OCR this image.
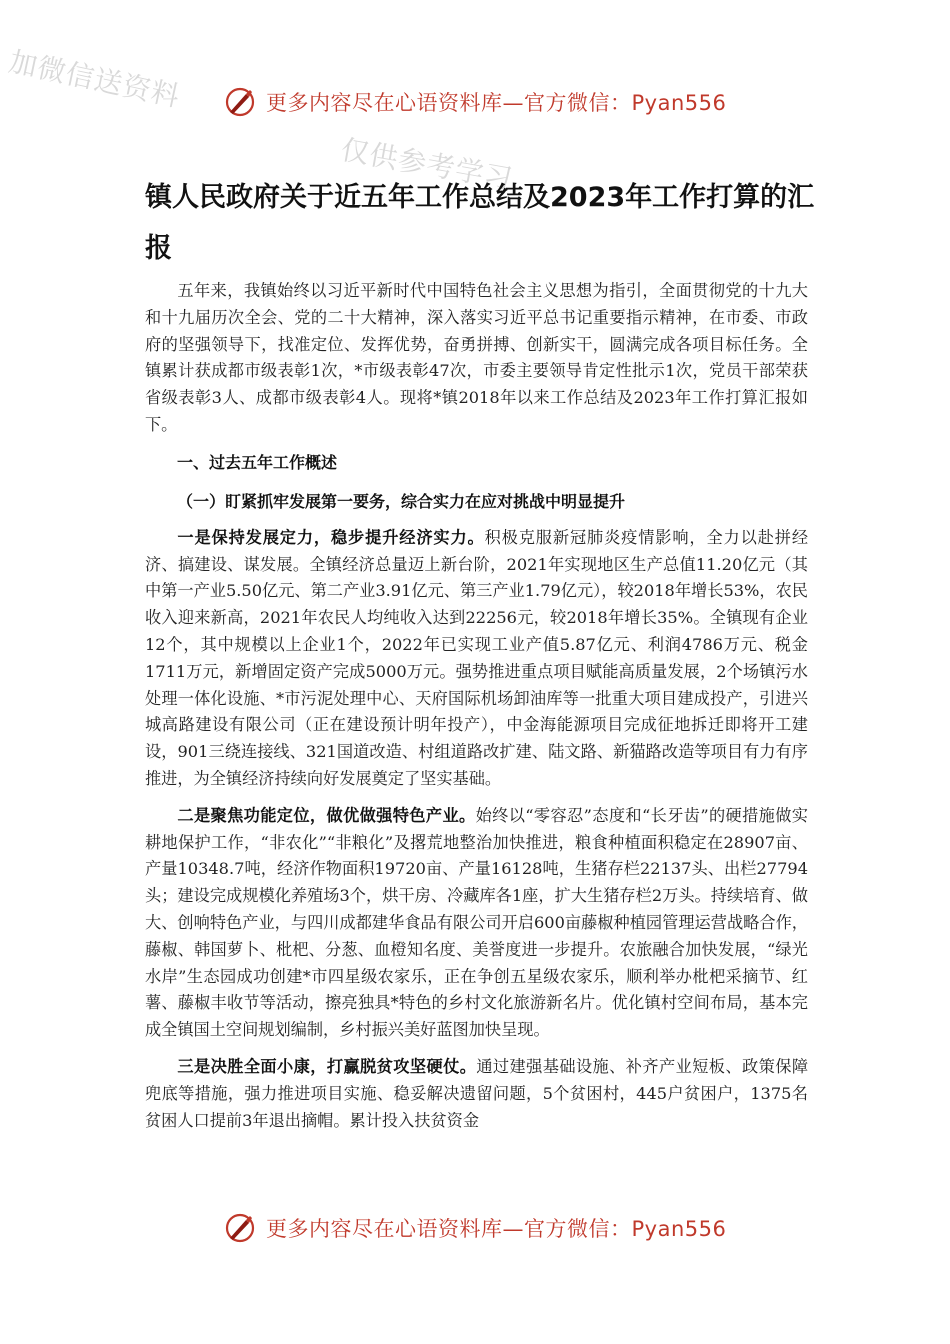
加微信送资料
仅供参考学习
更多内容尽在心语资料库—官方微信：Pyan556
镇人民政府关于近五年工作总结及2023年工作打算的汇报

五年来，我镇始终以习近平新时代中国特色社会主义思想为指引，全面贯彻党的十九大和十九届历次全会、党的二十大精神，深入落实习近平总书记重要指示精神，在市委、市政府的坚强领导下，找准定位、发挥优势，奋勇拼搏、创新实干，圆满完成各项目标任务。全镇累计获成都市级表彰1次，*市级表彰47次，市委主要领导肯定性批示1次，党员干部荣获省级表彰3人、成都市级表彰4人。现将*镇2018年以来工作总结及2023年工作打算汇报如下。

一、过去五年工作概述

（一）盯紧抓牢发展第一要务，综合实力在应对挑战中明显提升

一是保持发展定力，稳步提升经济实力。积极克服新冠肺炎疫情影响，全力以赴拼经济、搞建设、谋发展。全镇经济总量迈上新台阶，2021年实现地区生产总值11.20亿元（其中第一产业5.50亿元、第二产业3.91亿元、第三产业1.79亿元），较2018年增长53%，农民收入迎来新高，2021年农民人均纯收入达到22256元，较2018年增长35%。全镇现有企业12个，其中规模以上企业1个，2022年已实现工业产值5.87亿元、利润4786万元、税金1711万元，新增固定资产完成5000万元。强势推进重点项目赋能高质量发展，2个场镇污水处理一体化设施、*市污泥处理中心、天府国际机场卸油库等一批重大项目建成投产，引进兴城高路建设有限公司（正在建设预计明年投产），中金海能源项目完成征地拆迁即将开工建设，901三绕连接线、321国道改造、村组道路改扩建、陆文路、新猫路改造等项目有力有序推进，为全镇经济持续向好发展奠定了坚实基础。

二是聚焦功能定位，做优做强特色产业。始终以“零容忍”态度和“长牙齿”的硬措施做实耕地保护工作，“非农化”“非粮化”及撂荒地整治加快推进，粮食种植面积稳定在28907亩、产量10348.7吨，经济作物面积19720亩、产量16128吨，生猪存栏22137头、出栏27794头；建设完成规模化养殖场3个，烘干房、冷藏库各1座，扩大生猪存栏2万头。持续培育、做大、创响特色产业，与四川成都建华食品有限公司开启600亩藤椒种植园管理运营战略合作，藤椒、韩国萝卜、枇杷、分葱、血橙知名度、美誉度进一步提升。农旅融合加快发展，“绿光水岸”生态园成功创建*市四星级农家乐，正在争创五星级农家乐，顺利举办枇杷采摘节、红薯、藤椒丰收节等活动，擦亮独具*特色的乡村文化旅游新名片。优化镇村空间布局，基本完成全镇国土空间规划编制，乡村振兴美好蓝图加快呈现。

三是决胜全面小康，打赢脱贫攻坚硬仗。通过建强基础设施、补齐产业短板、政策保障兜底等措施，强力推进项目实施、稳妥解决遗留问题，5个贫困村，445户贫困户，1375名贫困人口提前3年退出摘帽。累计投入扶贫资金

更多内容尽在心语资料库—官方微信：Pyan556
